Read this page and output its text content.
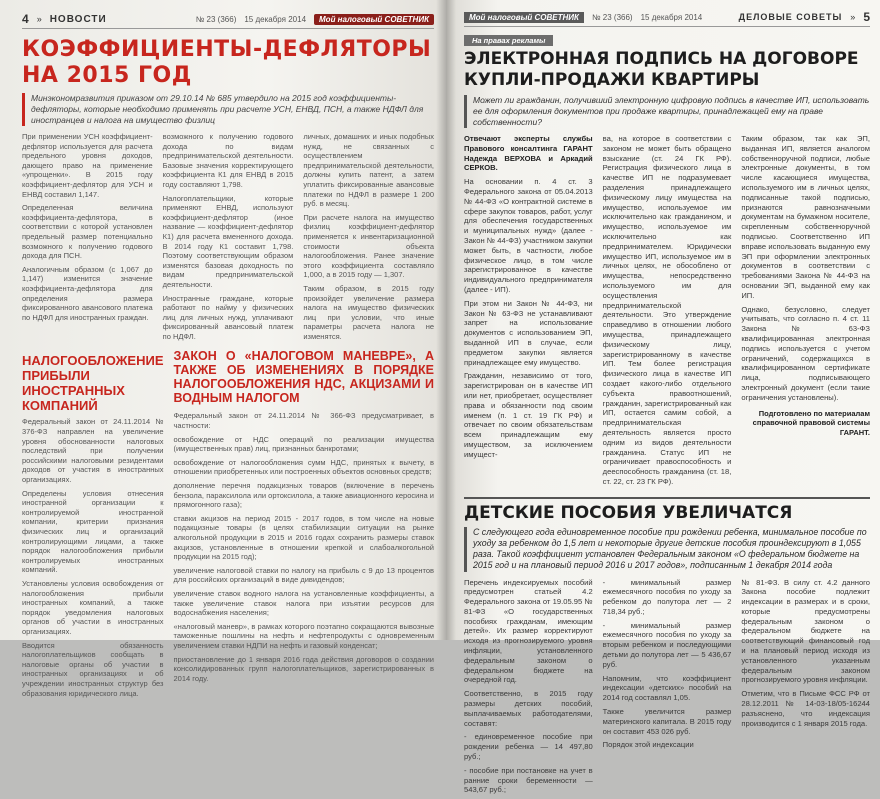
4 » НОВОСТИ	№ 23 (366) 15 декабря 2014	Мой налоговый СОВЕТНИК
КОЭФФИЦИЕНТЫ-ДЕФЛЯТОРЫ
НА 2015 ГОД
Минэкономразвития приказом от 29.10.14 № 685 утвердило на 2015 год коэффициенты-дефляторы, которые необходимо применять при расчете УСН, ЕНВД, ПСН, а также НДФЛ для иностранцев и налога на имущество физлиц

При применении УСН коэффициент-дефлятор используется для расчета предельного уровня доходов, дающего право на применение «упрощенки». В 2015 году коэффициент-дефлятор для УСН и ЕНВД составил 1,147.

Определенная величина коэффициента-дефлятора, в соответствии с которой установлен предельный размер потенциально возможного к получению годового дохода для ПСН.

Аналогичным образом (с 1,067 до 1,147) изменится значение коэффициента-дефлятора для определения размера фиксированного авансового платежа по НДФЛ для иностранных граждан.

возможного к получению годового дохода по видам предпринимательской деятельности. Базовые значения корректирующего коэффициента К1 для ЕНВД в 2015 году составляют 1,798.

Налогоплательщики, которые применяют ЕНВД, используют коэффициент-дефлятор (иное название — коэффициент-дефлятор К1) для расчета вмененного дохода. В 2014 году К1 составит 1,798. Поэтому соответствующим образом изменятся базовая доходность по видам предпринимательской деятельности.

Иностранные граждане, которые работают по найму у физических лиц для личных нужд, уплачивают фиксированный авансовый платеж по НДФЛ.

личных, домашних и иных подобных нужд, не связанных с осуществлением предпринимательской деятельности, должны купить патент, а затем уплатить фиксированные авансовые платежи по НДФЛ в размере 1 200 руб. в месяц.

При расчете налога на имущество физлиц коэффициент-дефлятор применяется к инвентаризационной стоимости объекта налогообложения. Ранее значение этого коэффициента составляло 1,000, а в 2015 году — 1,307.

Таким образом, в 2015 году произойдет увеличение размера налога на имущество физических лиц при условии, что иные параметры расчета налога не изменятся.

НАЛОГООБЛОЖЕНИЕ ПРИБЫЛИ ИНОСТРАННЫХ КОМПАНИЙ

Федеральный закон от 24.11.2014 № 376-ФЗ направлен на увеличение уровня обоснованности налоговых последствий при получении российскими налоговыми резидентами доходов от участия в иностранных организациях.

Определены условия отнесения иностранной организации к контролируемой иностранной компании, критерии признания физических лиц и организаций контролирующими лицами, а также порядок налогообложения прибыли контролируемых иностранных компаний.

Установлены условия освобождения от налогообложения прибыли иностранных компаний, а также порядок уведомления налоговых органов об участии в иностранных организациях.

Вводится обязанность налогоплательщиков сообщать в налоговые органы об участии в иностранных организациях и об учреждении иностранных структур без образования юридического лица.

ЗАКОН О «НАЛОГОВОМ МАНЕВРЕ», А ТАКЖЕ ОБ ИЗМЕНЕНИЯХ В ПОРЯДКЕ НАЛОГООБЛОЖЕНИЯ НДС, АКЦИЗАМИ И ВОДНЫМ НАЛОГОМ

Федеральный закон от 24.11.2014 № 366-ФЗ предусматривает, в частности:

освобождение от НДС операций по реализации имущества (имущественных прав) лиц, признанных банкротами;

освобождение от налогообложения сумм НДС, принятых к вычету, в отношении приобретенных или построенных объектов основных средств;

дополнение перечня подакцизных товаров (включение в перечень бензола, параксилола или ортоксилола, а также авиационного керосина и прямогонного газа);

ставки акцизов на период 2015 - 2017 годов, в том числе на новые подакцизные товары (в целях стабилизации ситуации на рынке алкогольной продукции в 2015 и 2016 годах сохранить размеры ставок акцизов, установленные в отношении крепкой и слабоалкогольной продукции на 2015 год);

увеличение налоговой ставки по налогу на прибыль с 9 до 13 процентов для российских организаций в виде дивидендов;

увеличение ставок водного налога на установленные коэффициенты, а также увеличение ставок налога при изъятии ресурсов для водоснабжения населения;

«налоговый маневр», в рамках которого поэтапно сокращаются вывозные таможенные пошлины на нефть и нефтепродукты с одновременным увеличением ставки НДПИ на нефть и газовый конденсат;

приостановление до 1 января 2016 года действия договоров о создании консолидированных групп налогоплательщиков, зарегистрированных в 2014 году.

Мой налоговый СОВЕТНИК	№ 23 (366) 15 декабря 2014	ДЕЛОВЫЕ СОВЕТЫ » 5
На правах рекламы
ЭЛЕКТРОННАЯ ПОДПИСЬ НА ДОГОВОРЕ
КУПЛИ-ПРОДАЖИ КВАРТИРЫ
Может ли гражданин, получивший электронную цифровую подпись в качестве ИП, использовать ее для оформления документов при продаже квартиры, принадлежащей ему на праве собственности?

Отвечают эксперты службы Правового консалтинга ГАРАНТ Надежда ВЕРХОВА и Аркадий СЕРКОВ.

На основании п. 4 ст. 3 Федерального закона от 05.04.2013 № 44-ФЗ «О контрактной системе в сфере закупок товаров, работ, услуг для обеспечения государственных и муниципальных нужд» (далее - Закон № 44-ФЗ) участником закупки может быть, в частности, любое физическое лицо, в том числе зарегистрированное в качестве индивидуального предпринимателя (далее - ИП).

При этом ни Закон № 44-ФЗ, ни Закон № 63-ФЗ не устанавливают запрет на использование документов с использованием ЭП, выданной ИП в случае, если предметом закупки является принадлежащее ему имущество.

Гражданин, независимо от того, зарегистрирован он в качестве ИП или нет, приобретает, осуществляет права и обязанности под своим именем (п. 1 ст. 19 ГК РФ) и отвечает по своим обязательствам всем принадлежащим ему имуществом, за исключением имущест-

ва, на которое в соответствии с законом не может быть обращено взыскание (ст. 24 ГК РФ). Регистрация физического лица в качестве ИП не подразумевает разделения принадлежащего физическому лицу имущества на имущество, используемое им исключительно как гражданином, и имущество, используемое им исключительно как предпринимателем. Юридически имущество ИП, используемое им в личных целях, не обособлено от имущества, непосредственно используемого им для осуществления предпринимательской деятельности. Это утверждение справедливо в отношении любого имущества, принадлежащего физическому лицу, зарегистрированному в качестве ИП. Тем более регистрация физического лица в качестве ИП создает какого-либо отдельного субъекта правоотношений, гражданин, зарегистрированный как ИП, остается самим собой, а предпринимательская деятельность является просто одним из видов деятельности гражданина. Статус ИП не ограничивает правоспособность и дееспособность гражданина (ст. 18, ст. 22, ст. 23 ГК РФ).

Таким образом, так как ЭП, выданная ИП, является аналогом собственноручной подписи, любые электронные документы, в том числе касающиеся имущества, используемого им в личных целях, подписанные такой подписью, признаются равнозначными документам на бумажном носителе, скрепленным собственноручной подписью. Соответственно ИП вправе использовать выданную ему ЭП при оформлении электронных документов в соответствии с требованиями Закона № 44-ФЗ на основании ЭП, выданной ему как ИП.

Однако, безусловно, следует учитывать, что согласно п. 4 ст. 11 Закона № 63-ФЗ квалифицированная электронная подпись используется с учетом ограничений, содержащихся в квалифицированном сертификате лица, подписывающего электронный документ (если такие ограничения установлены).

Подготовлено по материалам справочной правовой системы ГАРАНТ.
ДЕТСКИЕ ПОСОБИЯ УВЕЛИЧАТСЯ
С следующего года единовременное пособие при рождении ребенка, минимальное пособие по уходу за ребенком до 1,5 лет и некоторые другие детские пособия проиндексируют в 1,055 раза. Такой коэффициент установлен Федеральным законом «О федеральном бюджете на 2015 год и на плановый период 2016 и 2017 годов», подписанным 1 декабря 2014 года

Перечень индексируемых пособий предусмотрен статьей 4.2 Федерального закона от 19.05.95 № 81-ФЗ «О государственных пособиях гражданам, имеющим детей». Их размер корректируют исходя из прогнозируемого уровня инфляции, установленного федеральным законом о федеральном бюджете на очередной год.

Соответственно, в 2015 году размеры детских пособий, выплачиваемых работодателями, составят:

- единовременное пособие при рождении ребенка — 14 497,80 руб.;

- пособие при постановке на учет в ранние сроки беременности — 543,67 руб.;

- минимальный размер ежемесячного пособия по уходу за ребенком до полутора лет — 2 718,34 руб.;

- минимальный размер ежемесячного пособия по уходу за вторым ребенком и последующими детьми до полутора лет — 5 436,67 руб.

Напомним, что коэффициент индексации «детских» пособий на 2014 год составлял 1,05.

Также увеличится размер материнского капитала. В 2015 году он составит 453 026 руб.

Порядок этой индексации

№ 81-ФЗ. В силу ст. 4.2 данного Закона пособие подлежит индексации в размерах и в сроки, которые предусмотрены федеральным законом о федеральном бюджете на соответствующий финансовый год и на плановый период исходя из установленного указанным федеральным законом прогнозируемого уровня инфляции.

Отметим, что в Письме ФСС РФ от 28.12.2011 № 14-03-18/05-16244 разъяснено, что индексация производится с 1 января 2015 года.
